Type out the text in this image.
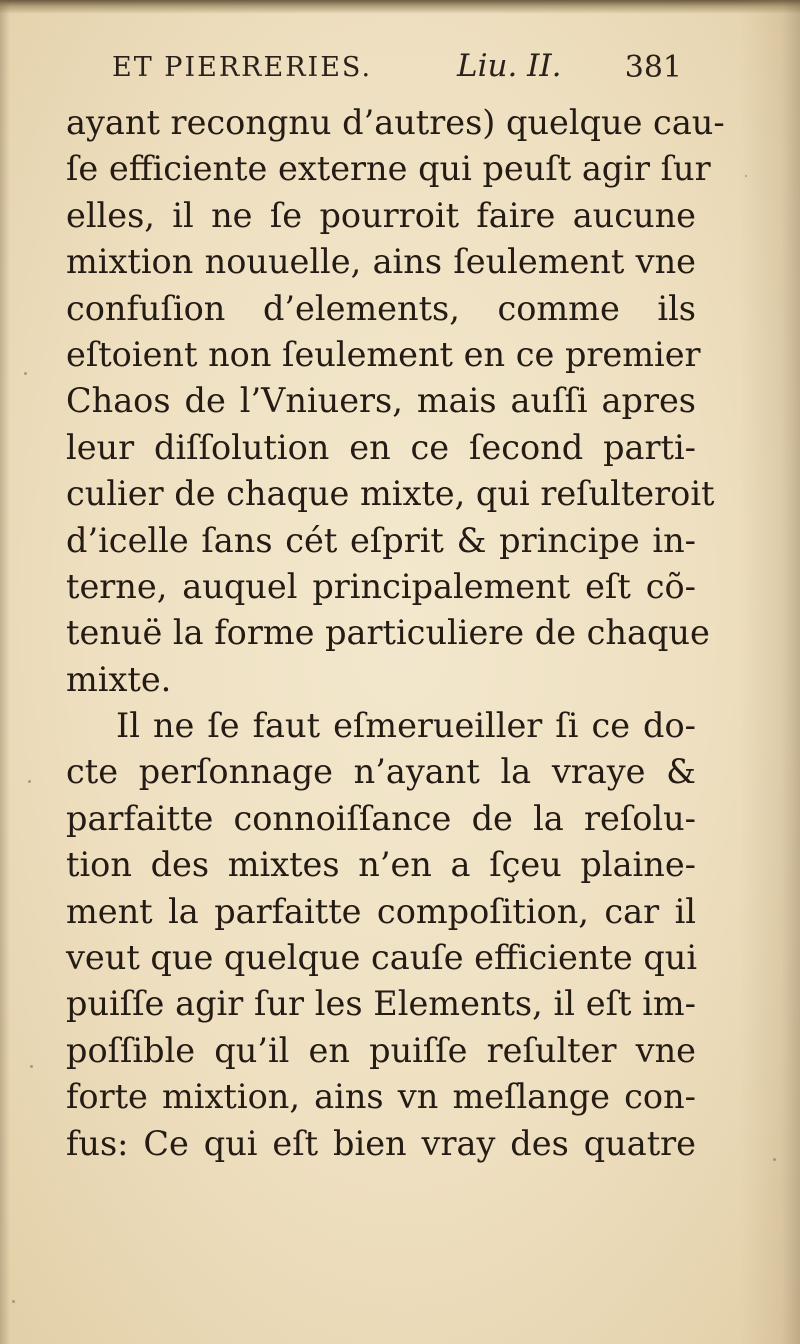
ET PIERRERIES.	Liu. II. 381
ayant recongnu d’autres) quelque cau-
ſe efficiente externe qui peuſt agir ſur
elles, il ne ſe pourroit faire aucune
mixtion nouuelle, ains ſeulement vne
confuſion d’elements, comme ils
eſtoient non ſeulement en ce premier
Chaos de l’Vniuers, mais auſſi apres
leur diſſolution en ce ſecond parti-
culier de chaque mixte, qui reſulteroit
d’icelle ſans cét eſprit & principe in-
terne, auquel principalement eſt cõ-
tenuë la forme particuliere de chaque
mixte.
Il ne ſe faut eſmerueiller ſi ce do-
cte perſonnage n’ayant la vraye &
parfaitte connoiſſance de la reſolu-
tion des mixtes n’en a ſçeu plaine-
ment la parfaitte compoſition, car il
veut que quelque cauſe efficiente qui
puiſſe agir ſur les Elements, il eſt im-
poſſible qu’il en puiſſe reſulter vne
forte mixtion, ains vn meſlange con-
fus: Ce qui eſt bien vray des quatre
